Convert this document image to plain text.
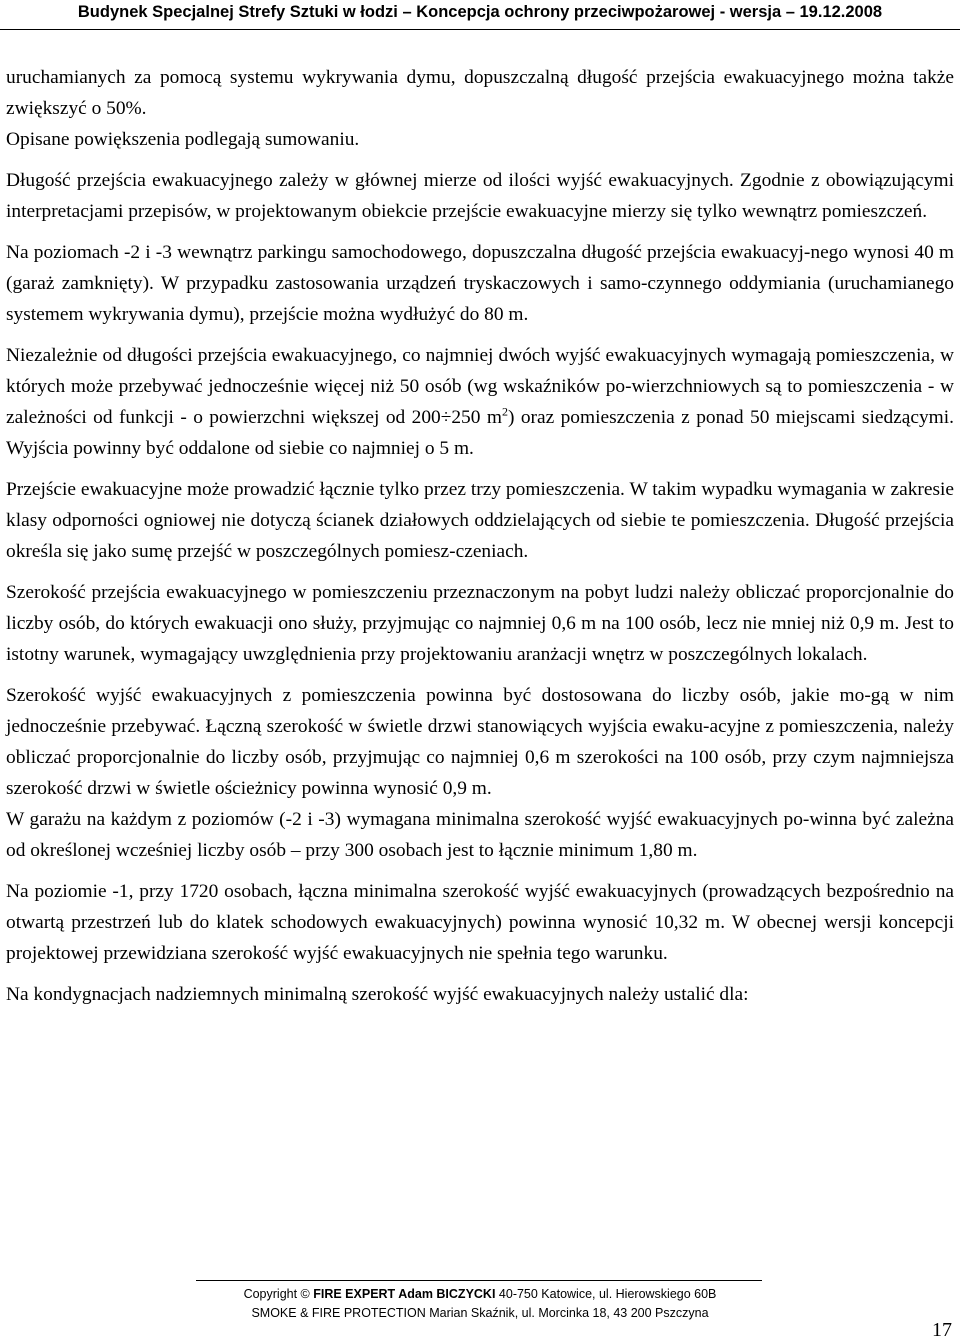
Budynek Specjalnej Strefy Sztuki w łodzi – Koncepcja ochrony przeciwpożarowej - wersja – 19.12.2008

uruchamianych za pomocą systemu wykrywania dymu, dopuszczalną długość przejścia ewakuacyjnego można także zwiększyć o 50%.

Opisane powiększenia podlegają sumowaniu.

Długość przejścia ewakuacyjnego zależy w głównej mierze od ilości wyjść ewakuacyjnych. Zgodnie z obowiązującymi interpretacjami przepisów, w projektowanym obiekcie przejście ewakuacyjne mierzy się tylko wewnątrz pomieszczeń.

Na poziomach -2 i -3 wewnątrz parkingu samochodowego, dopuszczalna długość przejścia ewakuacyj-nego wynosi 40 m (garaż zamknięty). W przypadku zastosowania urządzeń tryskaczowych i samo-czynnego oddymiania (uruchamianego systemem wykrywania dymu), przejście można wydłużyć do 80 m.

Niezależnie od długości przejścia ewakuacyjnego, co najmniej dwóch wyjść ewakuacyjnych wymagają pomieszczenia, w których może przebywać jednocześnie więcej niż 50 osób (wg wskaźników po-wierzchniowych są to pomieszczenia - w zależności od funkcji - o powierzchni większej od 200÷250 $m^2$) oraz pomieszczenia z ponad 50 miejscami siedzącymi. Wyjścia powinny być oddalone od siebie co najmniej o 5 m.

Przejście ewakuacyjne może prowadzić łącznie tylko przez trzy pomieszczenia. W takim wypadku wymagania w zakresie klasy odporności ogniowej nie dotyczą ścianek działowych oddzielających od siebie te pomieszczenia. Długość przejścia określa się jako sumę przejść w poszczególnych pomiesz-czeniach.

Szerokość przejścia ewakuacyjnego w pomieszczeniu przeznaczonym na pobyt ludzi należy obliczać proporcjonalnie do liczby osób, do których ewakuacji ono służy, przyjmując co najmniej 0,6 m na 100 osób, lecz nie mniej niż 0,9 m. Jest to istotny warunek, wymagający uwzględnienia przy projektowaniu aranżacji wnętrz w poszczególnych lokalach.

Szerokość wyjść ewakuacyjnych z pomieszczenia powinna być dostosowana do liczby osób, jakie mo-gą w nim jednocześnie przebywać. Łączną szerokość w świetle drzwi stanowiących wyjścia ewaku-acyjne z pomieszczenia, należy obliczać proporcjonalnie do liczby osób, przyjmując co najmniej 0,6 m szerokości na 100 osób, przy czym najmniejsza szerokość drzwi w świetle ościeżnicy powinna wynosić 0,9 m.

W garażu na każdym z poziomów (-2 i -3) wymagana minimalna szerokość wyjść ewakuacyjnych po-winna być zależna od określonej wcześniej liczby osób – przy 300 osobach jest to łącznie minimum 1,80 m.

Na poziomie -1, przy 1720 osobach, łączna minimalna szerokość wyjść ewakuacyjnych (prowadzących bezpośrednio na otwartą przestrzeń lub do klatek schodowych ewakuacyjnych) powinna wynosić 10,32 m. W obecnej wersji koncepcji projektowej przewidziana szerokość wyjść ewakuacyjnych nie spełnia tego warunku.

Na kondygnacjach nadziemnych minimalną szerokość wyjść ewakuacyjnych należy ustalić dla:

Copyright © FIRE EXPERT Adam BICZYCKI 40-750 Katowice, ul. Hierowskiego 60B
SMOKE & FIRE PROTECTION Marian Skaźnik, ul. Morcinka 18, 43 200 Pszczyna
17
